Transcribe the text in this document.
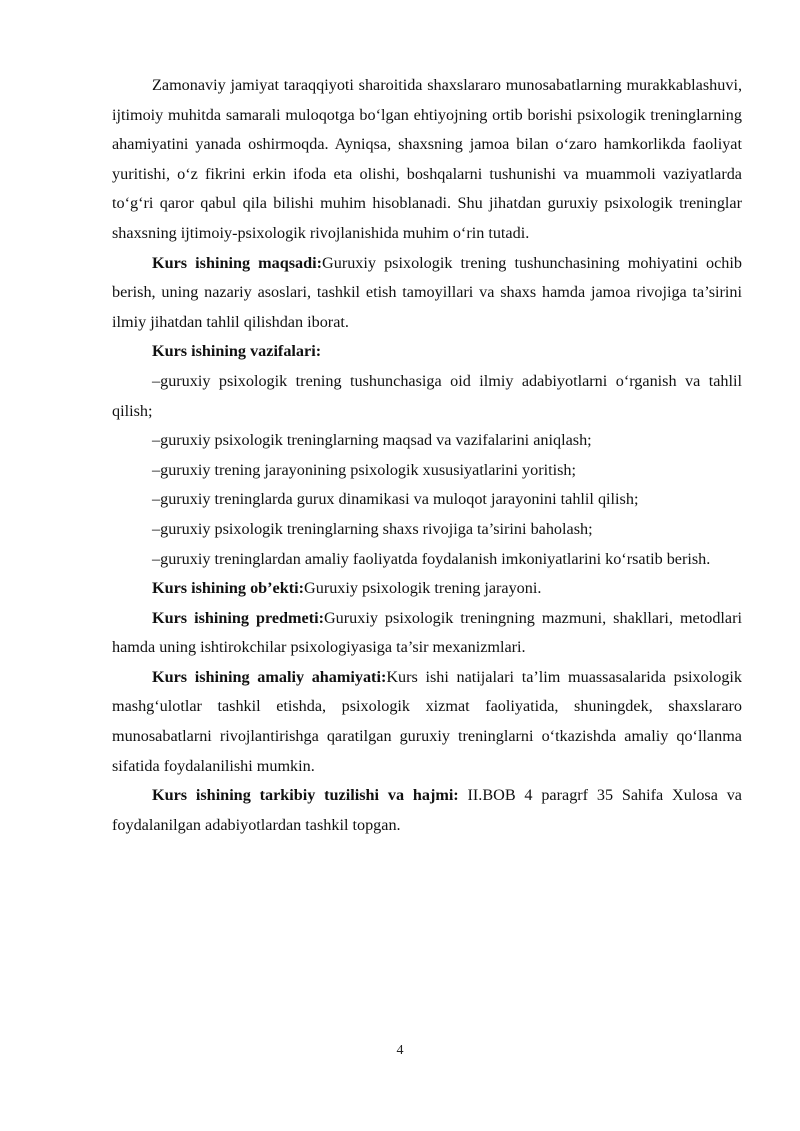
Zamonaviy jamiyat taraqqiyoti sharoitida shaxslararo munosabatlarning murakkablashuvi, ijtimoiy muhitda samarali muloqotga bo‘lgan ehtiyojning ortib borishi psixologik treninglarning ahamiyatini yanada oshirmoqda. Ayniqsa, shaxsning jamoa bilan o‘zaro hamkorlikda faoliyat yuritishi, o‘z fikrini erkin ifoda eta olishi, boshqalarni tushunishi va muammoli vaziyatlarda to‘g‘ri qaror qabul qila bilishi muhim hisoblanadi. Shu jihatdan guruxiy psixologik treninglar shaxsning ijtimoiy-psixologik rivojlanishida muhim o‘rin tutadi.

Kurs ishining maqsadi:Guruxiy psixologik trening tushunchasining mohiyatini ochib berish, uning nazariy asoslari, tashkil etish tamoyillari va shaxs hamda jamoa rivojiga ta’sirini ilmiy jihatdan tahlil qilishdan iborat.

Kurs ishining vazifalari:

–guruxiy psixologik trening tushunchasiga oid ilmiy adabiyotlarni o‘rganish va tahlil qilish;

–guruxiy psixologik treninglarning maqsad va vazifalarini aniqlash;

–guruxiy trening jarayonining psixologik xususiyatlarini yoritish;

–guruxiy treninglarda gurux dinamikasi va muloqot jarayonini tahlil qilish;

–guruxiy psixologik treninglarning shaxs rivojiga ta’sirini baholash;

–guruxiy treninglardan amaliy faoliyatda foydalanish imkoniyatlarini ko‘rsatib berish.

Kurs ishining ob’ekti:Guruxiy psixologik trening jarayoni.

Kurs ishining predmeti:Guruxiy psixologik treningning mazmuni, shakllari, metodlari hamda uning ishtirokchilar psixologiyasiga ta’sir mexanizmlari.

Kurs ishining amaliy ahamiyati:Kurs ishi natijalari ta’lim muassasalarida psixologik mashg‘ulotlar tashkil etishda, psixologik xizmat faoliyatida, shuningdek, shaxslararo munosabatlarni rivojlantirishga qaratilgan guruxiy treninglarni o‘tkazishda amaliy qo‘llanma sifatida foydalanilishi mumkin.

Kurs ishining tarkibiy tuzilishi va hajmi: II.BOB 4 paragrf 35 Sahifa Xulosa va foydalanilgan adabiyotlardan tashkil topgan.

4
